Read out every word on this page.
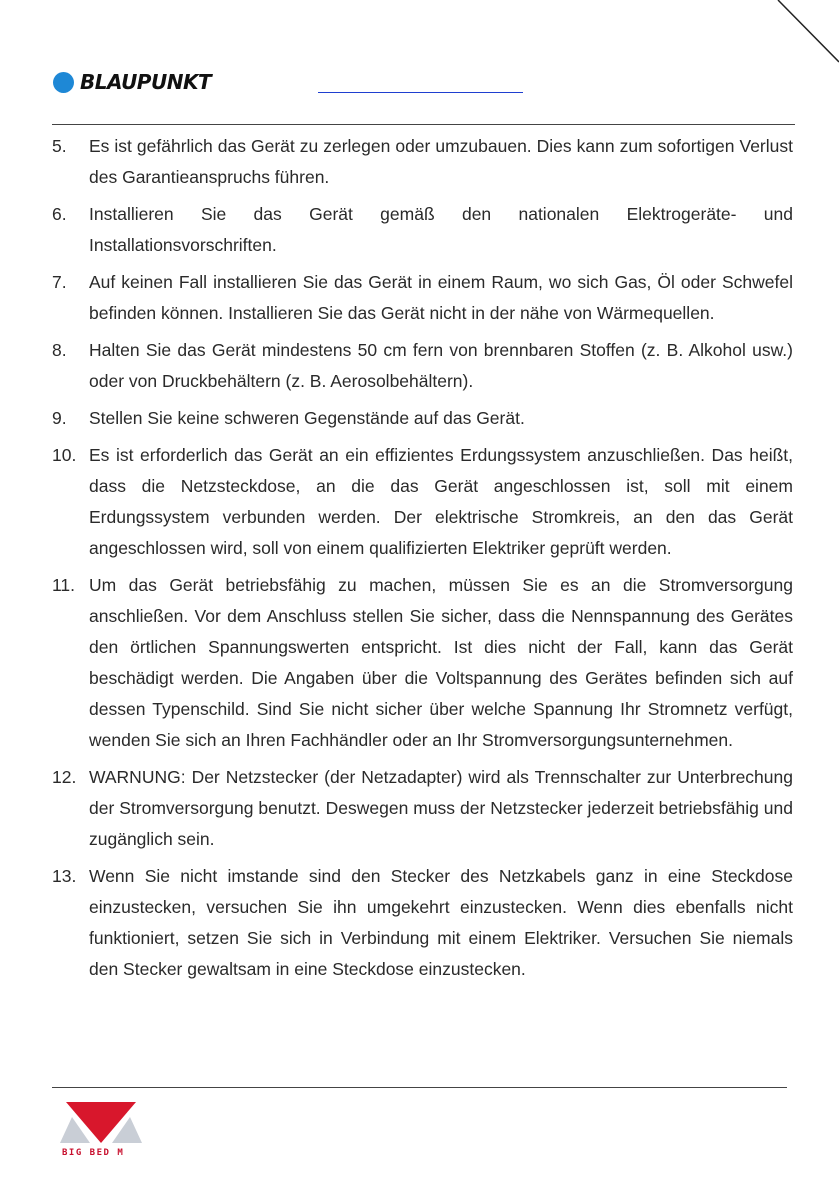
BLAUPUNKT
5. Es ist gefährlich das Gerät zu zerlegen oder umzubauen. Dies kann zum sofortigen Verlust des Garantieanspruchs führen.
6. Installieren Sie das Gerät gemäß den nationalen Elektrogeräte- und Installationsvorschriften.
7. Auf keinen Fall installieren Sie das Gerät in einem Raum, wo sich Gas, Öl oder Schwefel befinden können. Installieren Sie das Gerät nicht in der nähe von Wärmequellen.
8. Halten Sie das Gerät mindestens 50 cm fern von brennbaren Stoffen (z. B. Alkohol usw.) oder von Druckbehältern (z. B. Aerosolbehältern).
9. Stellen Sie keine schweren Gegenstände auf das Gerät.
10. Es ist erforderlich das Gerät an ein effizientes Erdungssystem anzuschließen. Das heißt, dass die Netzsteckdose, an die das Gerät angeschlossen ist, soll mit einem Erdungssystem verbunden werden. Der elektrische Stromkreis, an den das Gerät angeschlossen wird, soll von einem qualifizierten Elektriker geprüft werden.
11. Um das Gerät betriebsfähig zu machen, müssen Sie es an die Stromversorgung anschließen. Vor dem Anschluss stellen Sie sicher, dass die Nennspannung des Gerätes den örtlichen Spannungswerten entspricht. Ist dies nicht der Fall, kann das Gerät beschädigt werden. Die Angaben über die Voltspannung des Gerätes befinden sich auf dessen Typenschild. Sind Sie nicht sicher über welche Spannung Ihr Stromnetz verfügt, wenden Sie sich an Ihren Fachhändler oder an Ihr Stromversorgungsunternehmen.
12. WARNUNG: Der Netzstecker (der Netzadapter) wird als Trennschalter zur Unterbrechung der Stromversorgung benutzt. Deswegen muss der Netzstecker jederzeit betriebsfähig und zugänglich sein.
13. Wenn Sie nicht imstande sind den Stecker des Netzkabels ganz in eine Steckdose einzustecken, versuchen Sie ihn umgekehrt einzustecken. Wenn dies ebenfalls nicht funktioniert, setzen Sie sich in Verbindung mit einem Elektriker. Versuchen Sie niemals den Stecker gewaltsam in eine Steckdose einzustecken.
BIG BED M
